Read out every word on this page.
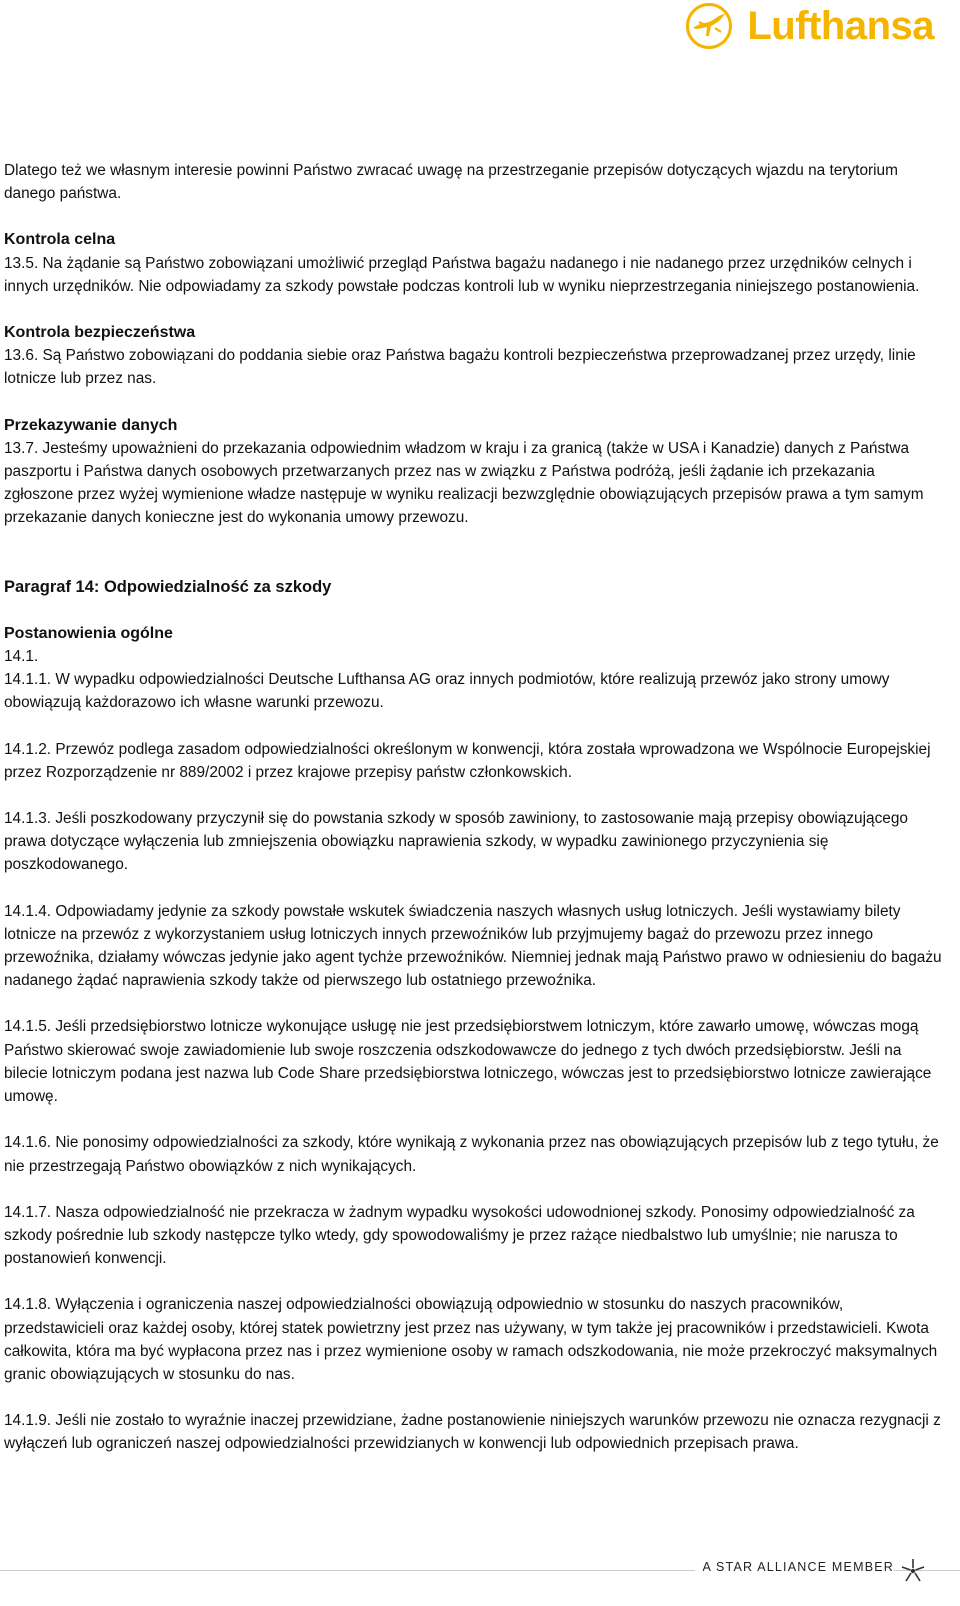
Lufthansa

Dlatego też we własnym interesie powinni Państwo zwracać uwagę na przestrzeganie przepisów dotyczących wjazdu na terytorium danego państwa.

Kontrola celna

13.5. Na żądanie są Państwo zobowiązani umożliwić przegląd Państwa bagażu nadanego i nie nadanego przez urzędników celnych i innych urzędników. Nie odpowiadamy za szkody powstałe podczas kontroli lub w wyniku nieprzestrzegania niniejszego postanowienia.

Kontrola bezpieczeństwa

13.6. Są Państwo zobowiązani do poddania siebie oraz Państwa bagażu kontroli bezpieczeństwa przeprowadzanej przez urzędy, linie lotnicze lub przez nas.

Przekazywanie danych

13.7. Jesteśmy upoważnieni do przekazania odpowiednim władzom w kraju i za granicą (także w USA i Kanadzie) danych z Państwa paszportu i Państwa danych osobowych przetwarzanych przez nas w związku z Państwa podróżą, jeśli żądanie ich przekazania zgłoszone przez wyżej wymienione władze następuje w wyniku realizacji bezwzględnie obowiązujących przepisów prawa a tym samym przekazanie danych konieczne jest do wykonania umowy przewozu.

Paragraf 14: Odpowiedzialność za szkody

Postanowienia ogólne

14.1.

14.1.1. W wypadku odpowiedzialności Deutsche Lufthansa AG oraz innych podmiotów, które realizują przewóz jako strony umowy obowiązują każdorazowo ich własne warunki przewozu.

14.1.2. Przewóz podlega zasadom odpowiedzialności określonym w konwencji, która została wprowadzona we Wspólnocie Europejskiej przez Rozporządzenie nr 889/2002 i przez krajowe przepisy państw członkowskich.

14.1.3. Jeśli poszkodowany przyczynił się do powstania szkody w sposób zawiniony, to zastosowanie mają przepisy obowiązującego prawa dotyczące wyłączenia lub zmniejszenia obowiązku naprawienia szkody, w wypadku zawinionego przyczynienia się poszkodowanego.

14.1.4. Odpowiadamy jedynie za szkody powstałe wskutek świadczenia naszych własnych usług lotniczych. Jeśli wystawiamy bilety lotnicze na przewóz z wykorzystaniem usług lotniczych innych przewoźników lub przyjmujemy bagaż do przewozu przez innego przewoźnika, działamy wówczas jedynie jako agent tychże przewoźników. Niemniej jednak mają Państwo prawo w odniesieniu do bagażu nadanego żądać naprawienia szkody także od pierwszego lub ostatniego przewoźnika.

14.1.5. Jeśli przedsiębiorstwo lotnicze wykonujące usługę nie jest przedsiębiorstwem lotniczym, które zawarło umowę, wówczas mogą Państwo skierować swoje zawiadomienie lub swoje roszczenia odszkodowawcze do jednego z tych dwóch przedsiębiorstw. Jeśli na bilecie lotniczym podana jest nazwa lub Code Share przedsiębiorstwa lotniczego, wówczas jest to przedsiębiorstwo lotnicze zawierające umowę.

14.1.6. Nie ponosimy odpowiedzialności za szkody, które wynikają z wykonania przez nas obowiązujących przepisów lub z tego tytułu, że nie przestrzegają Państwo obowiązków z nich wynikających.

14.1.7. Nasza odpowiedzialność nie przekracza w żadnym wypadku wysokości udowodnionej szkody. Ponosimy odpowiedzialność za szkody pośrednie lub szkody następcze tylko wtedy, gdy spowodowaliśmy je przez rażące niedbalstwo lub umyślnie; nie narusza to postanowień konwencji.

14.1.8. Wyłączenia i ograniczenia naszej odpowiedzialności obowiązują odpowiednio w stosunku do naszych pracowników, przedstawicieli oraz każdej osoby, której statek powietrzny jest przez nas używany, w tym także jej pracowników i przedstawicieli. Kwota całkowita, która ma być wypłacona przez nas i przez wymienione osoby w ramach odszkodowania, nie może przekroczyć maksymalnych granic obowiązujących w stosunku do nas.

14.1.9. Jeśli nie zostało to wyraźnie inaczej przewidziane, żadne postanowienie niniejszych warunków przewozu nie oznacza rezygnacji z wyłączeń lub ograniczeń naszej odpowiedzialności przewidzianych w konwencji lub odpowiednich przepisach prawa.

A STAR ALLIANCE MEMBER
